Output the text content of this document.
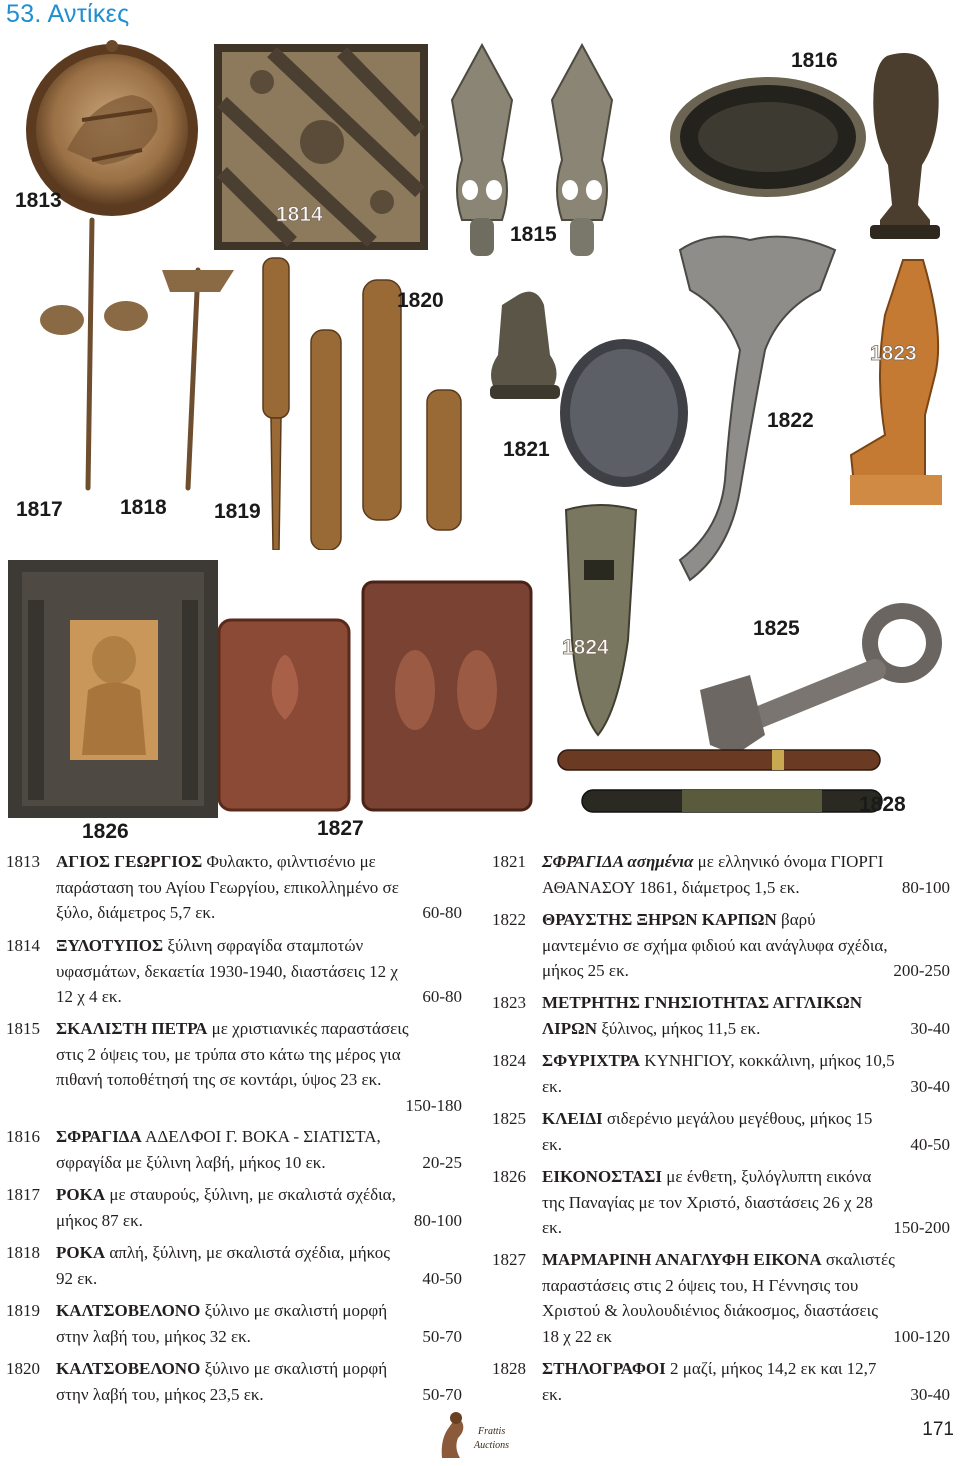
53. Αντίκες
1813
1814
1815
1816
1817	1818 1819
1820
1821
1822
1823
1824
1825
1826	1827
1828
1813 ΑΓΙΟΣ ΓΕΩΡΓΙΟΣ Φυλακτο, φιλντισένιο με
παράσταση του Αγίου Γεωργίου, επικολλημένο σε
ξύλο, διάμετρος 5,7 εκ.	60-80
1814 ΞΥΛΟΤΥΠΟΣ ξύλινη σφραγίδα σταμποτών
υφασμάτων, δεκαετία 1930-1940, διαστάσεις 12 χ
12 χ 4 εκ.	60-80
1815 ΣΚΑΛΙΣΤΗ ΠΕΤΡΑ με χριστιανικές παραστάσεις
στις 2 όψεις του, με τρύπα στο κάτω της μέρος για
πιθανή τοποθέτησή της σε κοντάρι, ύψος 23 εκ.
150-180
1816 ΣΦΡΑΓΙΔΑ ΑΔΕΛΦΟΙ Γ. ΒΟΚΑ - ΣΙΑΤΙΣΤΑ,
σφραγίδα με ξύλινη λαβή, μήκος 10 εκ.	20-25
1817 ΡΟΚΑ με σταυρούς, ξύλινη, με σκαλιστά σχέδια,
μήκος 87 εκ.	80-100
1818 ΡΟΚΑ απλή, ξύλινη, με σκαλιστά σχέδια, μήκος
92 εκ.	40-50
1819 ΚΑΛΤΣΟΒΕΛΟΝΟ ξύλινο με σκαλιστή μορφή
στην λαβή του, μήκος 32 εκ.	50-70
1820 ΚΑΛΤΣΟΒΕΛΟΝΟ ξύλινο με σκαλιστή μορφή
στην λαβή του, μήκος 23,5 εκ.	50-70
1821 ΣΦΡΑΓΙΔΑ ασημένια με ελληνικό όνομα ΓΙΟΡΓΙ
ΑΘΑΝΑΣΟΥ 1861, διάμετρος 1,5 εκ.	80-100
1822 ΘΡΑΥΣΤΗΣ ΞΗΡΩΝ ΚΑΡΠΩΝ βαρύ
μαντεμένιο σε σχήμα φιδιού και ανάγλυφα σχέδια,
μήκος 25 εκ.	200-250
1823 ΜΕΤΡΗΤΗΣ ΓΝΗΣΙΟΤΗΤΑΣ ΑΓΓΛΙΚΩΝ
ΛΙΡΩΝ ξύλινος, μήκος 11,5 εκ.	30-40
1824 ΣΦΥΡΙΧΤΡΑ ΚΥΝΗΓΙΟΥ, κοκκάλινη, μήκος 10,5
εκ.	30-40
1825 ΚΛΕΙΔΙ σιδερένιο μεγάλου μεγέθους, μήκος 15
εκ.	40-50
1826 ΕΙΚΟΝΟΣΤΑΣΙ με ένθετη, ξυλόγλυπτη εικόνα
της Παναγίας με τον Χριστό, διαστάσεις 26 χ 28
εκ.	150-200
1827 ΜΑΡΜΑΡΙΝΗ ΑΝΑΓΛΥΦΗ ΕΙΚΟΝΑ σκαλιστές
παραστάσεις στις 2 όψεις του, Η Γέννησις του
Χριστού & λουλουδιένιος διάκοσμος, διαστάσεις
18 χ 22 εκ	100-120
1828 ΣΤΗΛΟΓΡΑΦΟΙ 2 μαζί, μήκος 14,2 εκ και 12,7
εκ.	30-40
Frattis
Auctions
171
